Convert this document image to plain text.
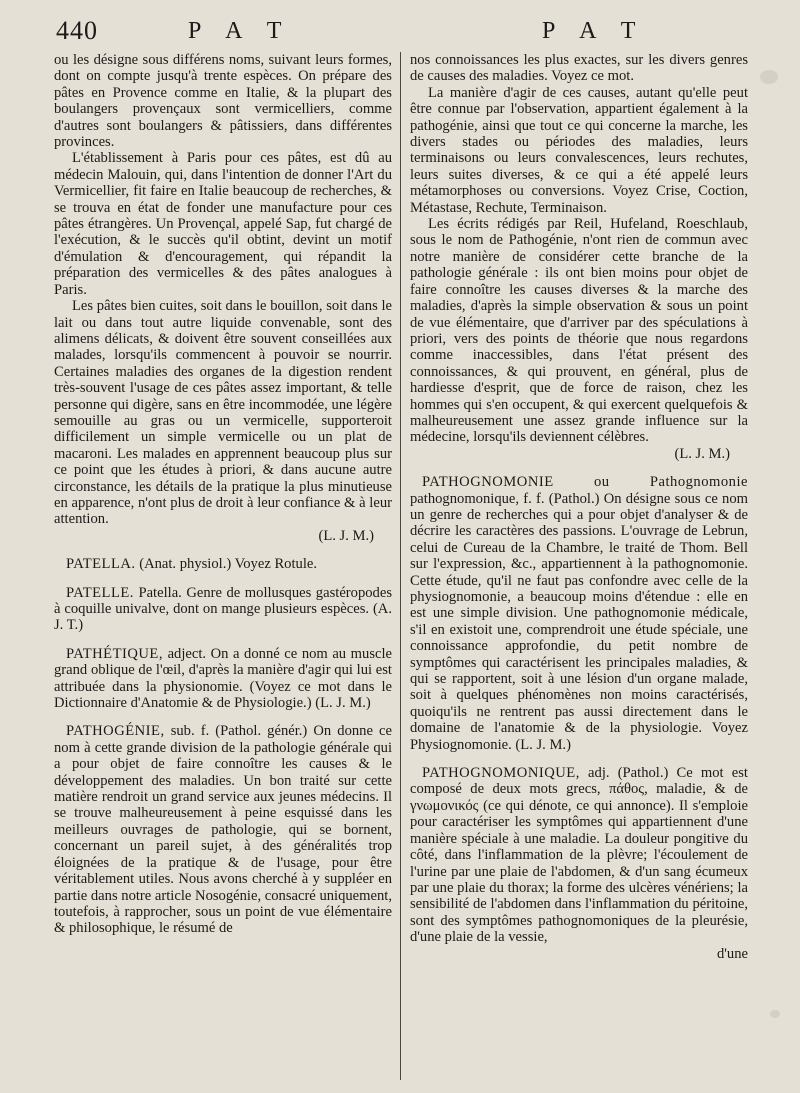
440	P A T	P A T

ou les désigne sous différens noms, suivant leurs formes, dont on compte jusqu'à trente espèces. On prépare des pâtes en Provence comme en Italie, & la plupart des boulangers provençaux sont vermicelliers, comme d'autres sont boulangers & pâtissiers, dans différentes provinces.

L'établissement à Paris pour ces pâtes, est dû au médecin Malouin, qui, dans l'intention de donner l'Art du Vermicellier, fit faire en Italie beaucoup de recherches, & se trouva en état de fonder une manufacture pour ces pâtes étrangères. Un Provençal, appelé Sap, fut chargé de l'exécution, & le succès qu'il obtint, devint un motif d'émulation & d'encouragement, qui répandit la préparation des vermicelles & des pâtes analogues à Paris.

Les pâtes bien cuites, soit dans le bouillon, soit dans le lait ou dans tout autre liquide convenable, sont des alimens délicats, & doivent être souvent conseillées aux malades, lorsqu'ils commencent à pouvoir se nourrir. Certaines maladies des organes de la digestion rendent très-souvent l'usage de ces pâtes assez important, & telle personne qui digère, sans en être incommodée, une légère semouille au gras ou un vermicelle, supporteroit difficilement un simple vermicelle ou un plat de macaroni. Les malades en apprennent beaucoup plus sur ce point que les études à priori, & dans aucune autre circonstance, les détails de la pratique la plus minutieuse en apparence, n'ont plus de droit à leur confiance & à leur attention.

(L. J. M.)

PATELLA. (Anat. physiol.) Voyez Rotule.

PATELLE. Patella. Genre de mollusques gastéropodes à coquille univalve, dont on mange plusieurs espèces. (A. J. T.)

PATHÉTIQUE, adject. On a donné ce nom au muscle grand oblique de l'œil, d'après la manière d'agir qui lui est attribuée dans la physionomie. (Voyez ce mot dans le Dictionnaire d'Anatomie & de Physiologie.) (L. J. M.)

PATHOGÉNIE, sub. f. (Pathol. génér.) On donne ce nom à cette grande division de la pathologie générale qui a pour objet de faire connoître les causes & le développement des maladies. Un bon traité sur cette matière rendroit un grand service aux jeunes médecins. Il se trouve malheureusement à peine esquissé dans les meilleurs ouvrages de pathologie, qui se bornent, concernant un pareil sujet, à des généralités trop éloignées de la pratique & de l'usage, pour être véritablement utiles. Nous avons cherché à y suppléer en partie dans notre article Nosogénie, consacré uniquement, toutefois, à rapprocher, sous un point de vue élémentaire & philosophique, le résumé de

nos connoissances les plus exactes, sur les divers genres de causes des maladies. Voyez ce mot.

La manière d'agir de ces causes, autant qu'elle peut être connue par l'observation, appartient également à la pathogénie, ainsi que tout ce qui concerne la marche, les divers stades ou périodes des maladies, leurs terminaisons ou leurs convalescences, leurs rechutes, leurs suites diverses, & ce qui a été appelé leurs métamorphoses ou conversions. Voyez Crise, Coction, Métastase, Rechute, Terminaison.

Les écrits rédigés par Reil, Hufeland, Roeschlaub, sous le nom de Pathogénie, n'ont rien de commun avec notre manière de considérer cette branche de la pathologie générale : ils ont bien moins pour objet de faire connoître les causes diverses & la marche des maladies, d'après la simple observation & sous un point de vue élémentaire, que d'arriver par des spéculations à priori, vers des points de théorie que nous regardons comme inaccessibles, dans l'état présent des connoissances, & qui prouvent, en général, plus de hardiesse d'esprit, que de force de raison, chez les hommes qui s'en occupent, & qui exercent quelquefois & malheureusement une assez grande influence sur la médecine, lorsqu'ils deviennent célèbres.

(L. J. M.)

PATHOGNOMONIE ou Pathognomonie pathognomonique, f. f. (Pathol.) On désigne sous ce nom un genre de recherches qui a pour objet d'analyser & de décrire les caractères des passions. L'ouvrage de Lebrun, celui de Cureau de la Chambre, le traité de Thom. Bell sur l'expression, &c., appartiennent à la pathognomonie. Cette étude, qu'il ne faut pas confondre avec celle de la physiognomonie, a beaucoup moins d'étendue : elle en est une simple division. Une pathognomonie médicale, s'il en existoit une, comprendroit une étude spéciale, une connoissance approfondie, du petit nombre de symptômes qui caractérisent les principales maladies, & qui se rapportent, soit à une lésion d'un organe malade, soit à quelques phénomènes non moins caractérisés, quoiqu'ils ne rentrent pas aussi directement dans le domaine de l'anatomie & de la physiologie. Voyez Physiognomonie. (L. J. M.)

PATHOGNOMONIQUE, adj. (Pathol.) Ce mot est composé de deux mots grecs, πάθος, maladie, & de γνωμονικός (ce qui dénote, ce qui annonce). Il s'emploie pour caractériser les symptômes qui appartiennent d'une manière spéciale à une maladie. La douleur pongitive du côté, dans l'inflammation de la plèvre; l'écoulement de l'urine par une plaie de l'abdomen, & d'un sang écumeux par une plaie du thorax; la forme des ulcères vénériens; la sensibilité de l'abdomen dans l'inflammation du péritoine, sont des symptômes pathognomoniques de la pleurésie, d'une plaie de la vessie,

d'une
